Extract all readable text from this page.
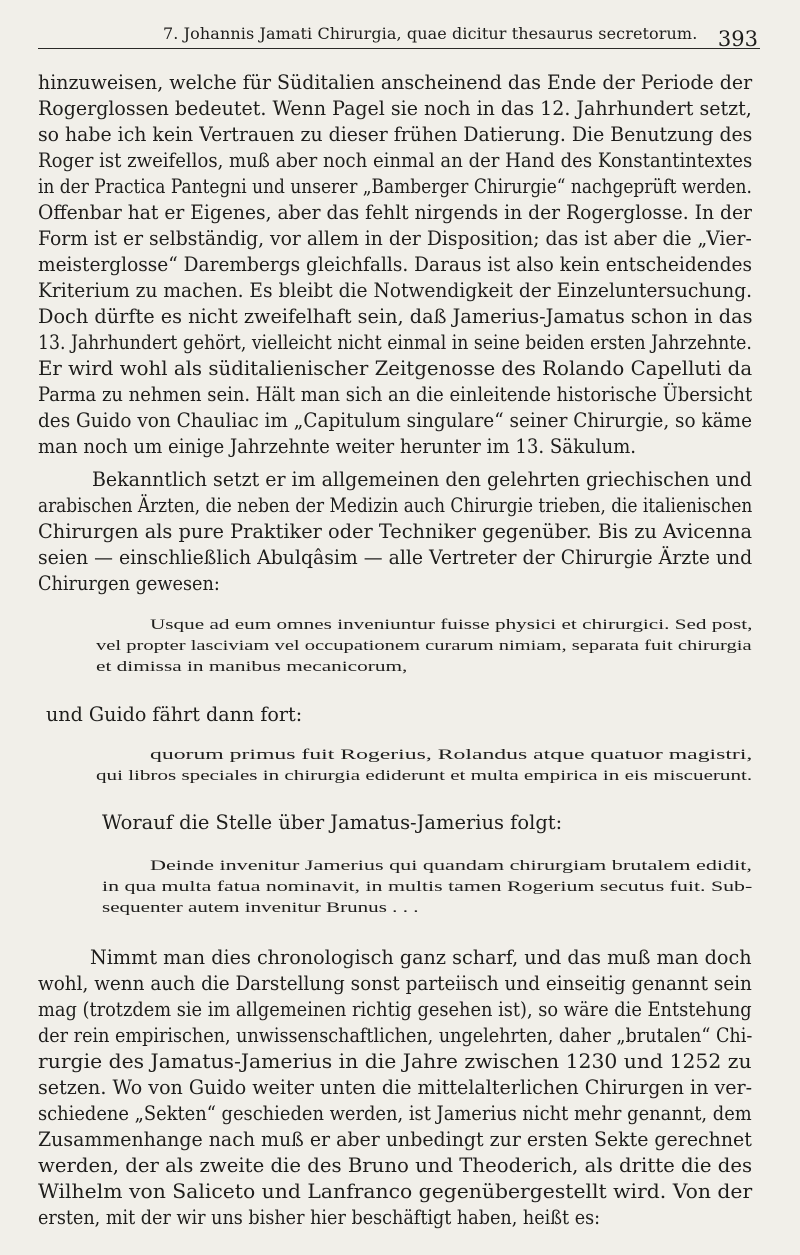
7. Johannis Jamati Chirurgia, quae dicitur thesaurus secretorum. 393
hinzuweisen, welche für Süditalien anscheinend das Ende der Periode der
Rogerglossen bedeutet. Wenn Pagel sie noch in das 12. Jahrhundert setzt,
so habe ich kein Vertrauen zu dieser frühen Datierung. Die Benutzung des
Roger ist zweifellos, muß aber noch einmal an der Hand des Konstantintextes
in der Practica Pantegni und unserer „Bamberger Chirurgie“ nachgeprüft werden.
Offenbar hat er Eigenes, aber das fehlt nirgends in der Rogerglosse. In der
Form ist er selbständig, vor allem in der Disposition; das ist aber die „Vier-
meisterglosse“ Darembergs gleichfalls. Daraus ist also kein entscheidendes
Kriterium zu machen. Es bleibt die Notwendigkeit der Einzeluntersuchung.
Doch dürfte es nicht zweifelhaft sein, daß Jamerius-Jamatus schon in das
13. Jahrhundert gehört, vielleicht nicht einmal in seine beiden ersten Jahrzehnte.
Er wird wohl als süditalienischer Zeitgenosse des Rolando Capelluti da
Parma zu nehmen sein. Hält man sich an die einleitende historische Übersicht
des Guido von Chauliac im „Capitulum singulare“ seiner Chirurgie, so käme
man noch um einige Jahrzehnte weiter herunter im 13. Säkulum.
Bekanntlich setzt er im allgemeinen den gelehrten griechischen und
arabischen Ärzten, die neben der Medizin auch Chirurgie trieben, die italienischen
Chirurgen als pure Praktiker oder Techniker gegenüber. Bis zu Avicenna
seien — einschließlich Abulqâsim — alle Vertreter der Chirurgie Ärzte und
Chirurgen gewesen:
Usque ad eum omnes inveniuntur fuisse physici et chirurgici. Sed post,
vel propter lasciviam vel occupationem curarum nimiam, separata fuit chirurgia
et dimissa in manibus mecanicorum,
und Guido fährt dann fort:
quorum primus fuit Rogerius, Rolandus atque quatuor magistri,
qui libros speciales in chirurgia ediderunt et multa empirica in eis miscuerunt.
Worauf die Stelle über Jamatus-Jamerius folgt:
Deinde invenitur Jamerius qui quandam chirurgiam brutalem edidit,
in qua multa fatua nominavit, in multis tamen Rogerium secutus fuit. Sub-
sequenter autem invenitur Brunus . . .
Nimmt man dies chronologisch ganz scharf, und das muß man doch
wohl, wenn auch die Darstellung sonst parteiisch und einseitig genannt sein
mag (trotzdem sie im allgemeinen richtig gesehen ist), so wäre die Entstehung
der rein empirischen, unwissenschaftlichen, ungelehrten, daher „brutalen“ Chi-
rurgie des Jamatus-Jamerius in die Jahre zwischen 1230 und 1252 zu
setzen. Wo von Guido weiter unten die mittelalterlichen Chirurgen in ver-
schiedene „Sekten“ geschieden werden, ist Jamerius nicht mehr genannt, dem
Zusammenhange nach muß er aber unbedingt zur ersten Sekte gerechnet
werden, der als zweite die des Bruno und Theoderich, als dritte die des
Wilhelm von Saliceto und Lanfranco gegenübergestellt wird. Von der
ersten, mit der wir uns bisher hier beschäftigt haben, heißt es:
